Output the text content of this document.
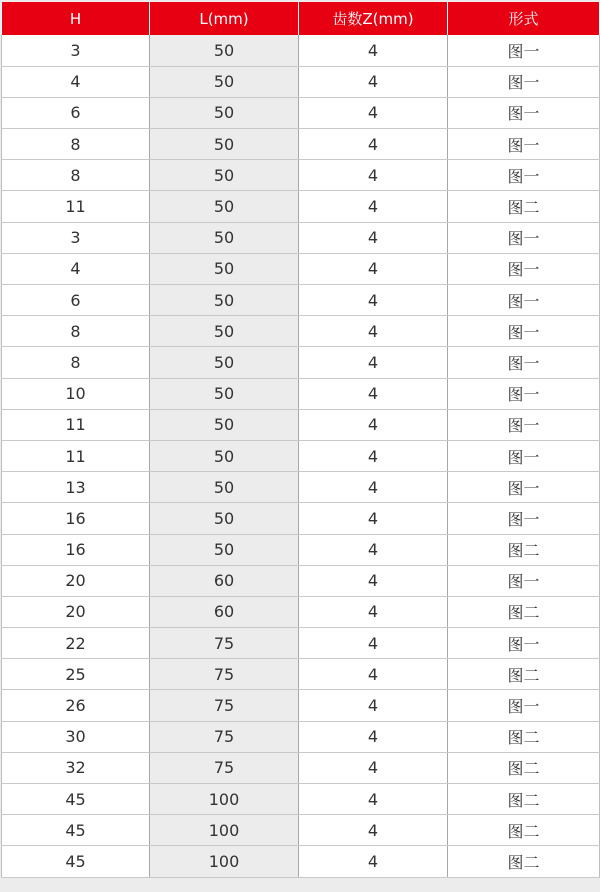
H	L(mm)	齿数Z(mm)	形式
3	50	4	图一
4	50	4	图一
6	50	4	图一
8	50	4	图一
8	50	4	图一
11	50	4	图二
3	50	4	图一
4	50	4	图一
6	50	4	图一
8	50	4	图一
8	50	4	图一
10	50	4	图一
11	50	4	图一
11	50	4	图一
13	50	4	图一
16	50	4	图一
16	50	4	图二
20	60	4	图一
20	60	4	图二
22	75	4	图一
25	75	4	图二
26	75	4	图一
30	75	4	图二
32	75	4	图二
45	100	4	图二
45	100	4	图二
45	100	4	图二
